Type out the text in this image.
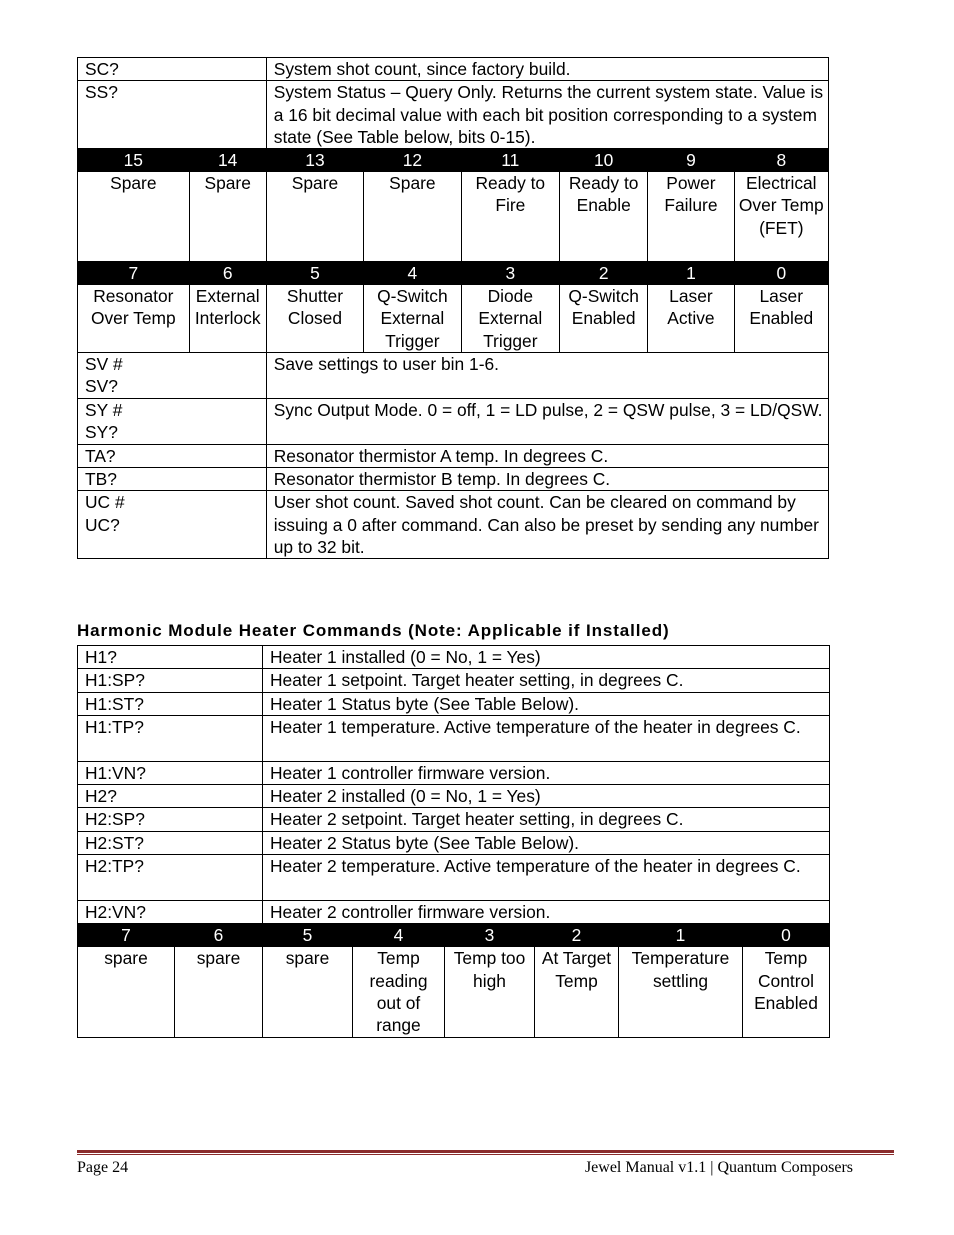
SC?		System shot count, since factory build.					
SS?		System Status – Query Only. Returns the current system state. Value is a 16 bit decimal value with each bit position corresponding to a system state (See Table below, bits 0-15).					
15	14	13	12	11	10	9	8
Spare	Spare	Spare	Spare	Ready to Fire	Ready to Enable	Power Failure	Electrical Over Temp (FET)
7	6	5	4	3	2	1	0
Resonator Over Temp	External Interlock	Shutter Closed	Q-Switch External Trigger	Diode External Trigger	Q-Switch Enabled	Laser Active	Laser Enabled

SV #
SV?		Save settings to user bin 1-6.					

SY #
SY?		Sync Output Mode. 0 = off, 1 = LD pulse, 2 = QSW pulse, 3 = LD/QSW.					
TA?		Resonator thermistor A temp. In degrees C.					
TB?		Resonator thermistor B temp. In degrees C.					

UC #
UC?		User shot count. Saved shot count. Can be cleared on command by issuing a 0 after command. Can also be preset by sending any number up to 32 bit.					
Harmonic Module Heater Commands (Note: Applicable if Installed)
H1?		Heater 1 installed (0 = No, 1 = Yes)					
H1:SP?		Heater 1 setpoint. Target heater setting, in degrees C.					
H1:ST?		Heater 1 Status byte (See Table Below).					
H1:TP?		Heater 1 temperature. Active temperature of the heater in degrees C.					
H1:VN?		Heater 1 controller firmware version.					
H2?		Heater 2 installed (0 = No, 1 = Yes)					
H2:SP?		Heater 2 setpoint. Target heater setting, in degrees C.					
H2:ST?		Heater 2 Status byte (See Table Below).					
H2:TP?		Heater 2 temperature. Active temperature of the heater in degrees C.					
H2:VN?		Heater 2 controller firmware version.					
7	6	5	4	3	2	1	0
spare	spare	spare	Temp reading out of range	Temp too high	At Target Temp	Temperature settling	Temp Control Enabled
Page 24	Jewel Manual v1.1 | Quantum Composers
